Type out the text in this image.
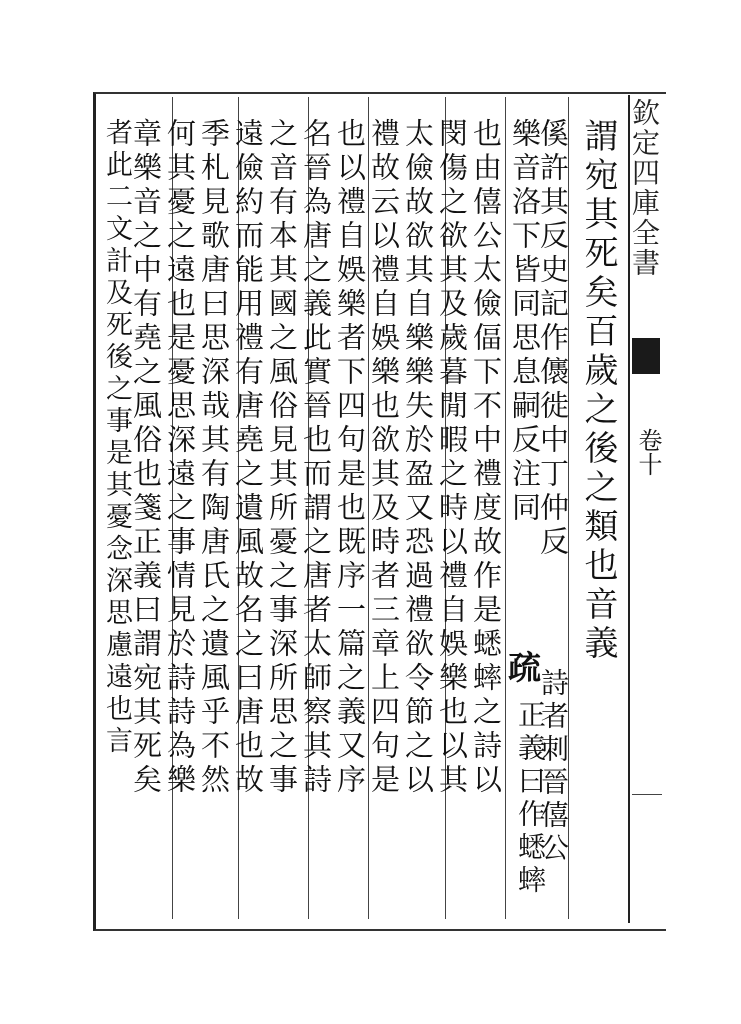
欽定四庫全書
卷十
謂宛其死矣百歲之後之類也音義
傒許其反史記作㒟徙中丁仲反
詩者刺晉僖公
樂音洛下皆同思息嗣反注同
疏
正義曰作蟋蟀
也由僖公太儉偪下不中禮度故作是蟋蟀之詩以
閔傷之欲其及歲暮閒暇之時以禮自娛樂也以其
太儉故欲其自樂樂失於盈又恐過禮欲令節之以
禮故云以禮自娛樂也欲其及時者三章上四句是
也以禮自娛樂者下四句是也既序一篇之義又序
名晉為唐之義此實晉也而謂之唐者太師察其詩
之音有本其國之風俗見其所憂之事深所思之事
遠儉約而能用禮有唐堯之遺風故名之曰唐也故
季札見歌唐曰思深哉其有陶唐氏之遺風乎不然
何其憂之遠也是憂思深遠之事情見於詩詩為樂
章樂音之中有堯之風俗也箋正義曰謂宛其死矣
者此二文計及死後之事是其憂念深思慮遠也言
